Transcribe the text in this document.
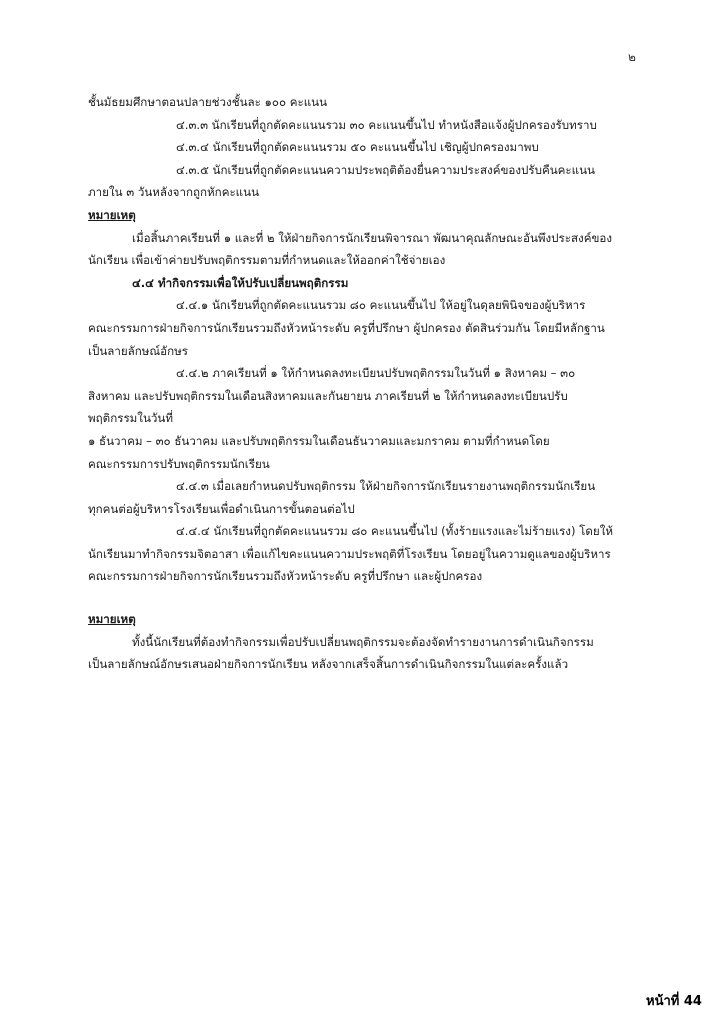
๒
ชั้นมัธยมศึกษาตอนปลายช่วงชั้นละ ๑๐๐ คะแนน
๔.๓.๓ นักเรียนที่ถูกตัดคะแนนรวม ๓๐ คะแนนขึ้นไป ทำหนังสือแจ้งผู้ปกครองรับทราบ
๔.๓.๔ นักเรียนที่ถูกตัดคะแนนรวม ๕๐ คะแนนขึ้นไป เชิญผู้ปกครองมาพบ
๔.๓.๕ นักเรียนที่ถูกตัดคะแนนความประพฤติต้องยื่นความประสงค์ของปรับคืนคะแนน
ภายใน ๓ วันหลังจากถูกหักคะแนน
หมายเหตุ
เมื่อสิ้นภาคเรียนที่ ๑ และที่ ๒ ให้ฝ่ายกิจการนักเรียนพิจารณา พัฒนาคุณลักษณะอันพึงประสงค์ของ
นักเรียน เพื่อเข้าค่ายปรับพฤติกรรมตามที่กำหนดและให้ออกค่าใช้จ่ายเอง
๔.๔ ทำกิจกรรมเพื่อให้ปรับเปลี่ยนพฤติกรรม
๔.๔.๑ นักเรียนที่ถูกตัดคะแนนรวม ๘๐ คะแนนขึ้นไป ให้อยู่ในดุลยพินิจของผู้บริหาร
คณะกรรมการฝ่ายกิจการนักเรียนรวมถึงหัวหน้าระดับ ครูที่ปรึกษา ผู้ปกครอง ตัดสินร่วมกัน โดยมีหลักฐาน
เป็นลายลักษณ์อักษร
๔.๔.๒ ภาคเรียนที่ ๑ ให้กำหนดลงทะเบียนปรับพฤติกรรมในวันที่ ๑ สิงหาคม – ๓๐
สิงหาคม และปรับพฤติกรรมในเดือนสิงหาคมและกันยายน ภาคเรียนที่ ๒ ให้กำหนดลงทะเบียนปรับ
พฤติกรรมในวันที่
๑ ธันวาคม – ๓๐ ธันวาคม และปรับพฤติกรรมในเดือนธันวาคมและมกราคม ตามที่กำหนดโดย
คณะกรรมการปรับพฤติกรรมนักเรียน
๔.๔.๓ เมื่อเลยกำหนดปรับพฤติกรรม ให้ฝ่ายกิจการนักเรียนรายงานพฤติกรรมนักเรียน
ทุกคนต่อผู้บริหารโรงเรียนเพื่อดำเนินการขั้นตอนต่อไป
๔.๔.๔ นักเรียนที่ถูกตัดคะแนนรวม ๘๐ คะแนนขึ้นไป (ทั้งร้ายแรงและไม่ร้ายแรง) โดยให้
นักเรียนมาทำกิจกรรมจิตอาสา เพื่อแก้ไขคะแนนความประพฤติที่โรงเรียน โดยอยู่ในความดูแลของผู้บริหาร
คณะกรรมการฝ่ายกิจการนักเรียนรวมถึงหัวหน้าระดับ ครูที่ปรึกษา และผู้ปกครอง
หมายเหตุ
ทั้งนี้นักเรียนที่ต้องทำกิจกรรมเพื่อปรับเปลี่ยนพฤติกรรมจะต้องจัดทำรายงานการดำเนินกิจกรรม
เป็นลายลักษณ์อักษรเสนอฝ่ายกิจการนักเรียน หลังจากเสร็จสิ้นการดำเนินกิจกรรมในแต่ละครั้งแล้ว
หน้าที่ 44
